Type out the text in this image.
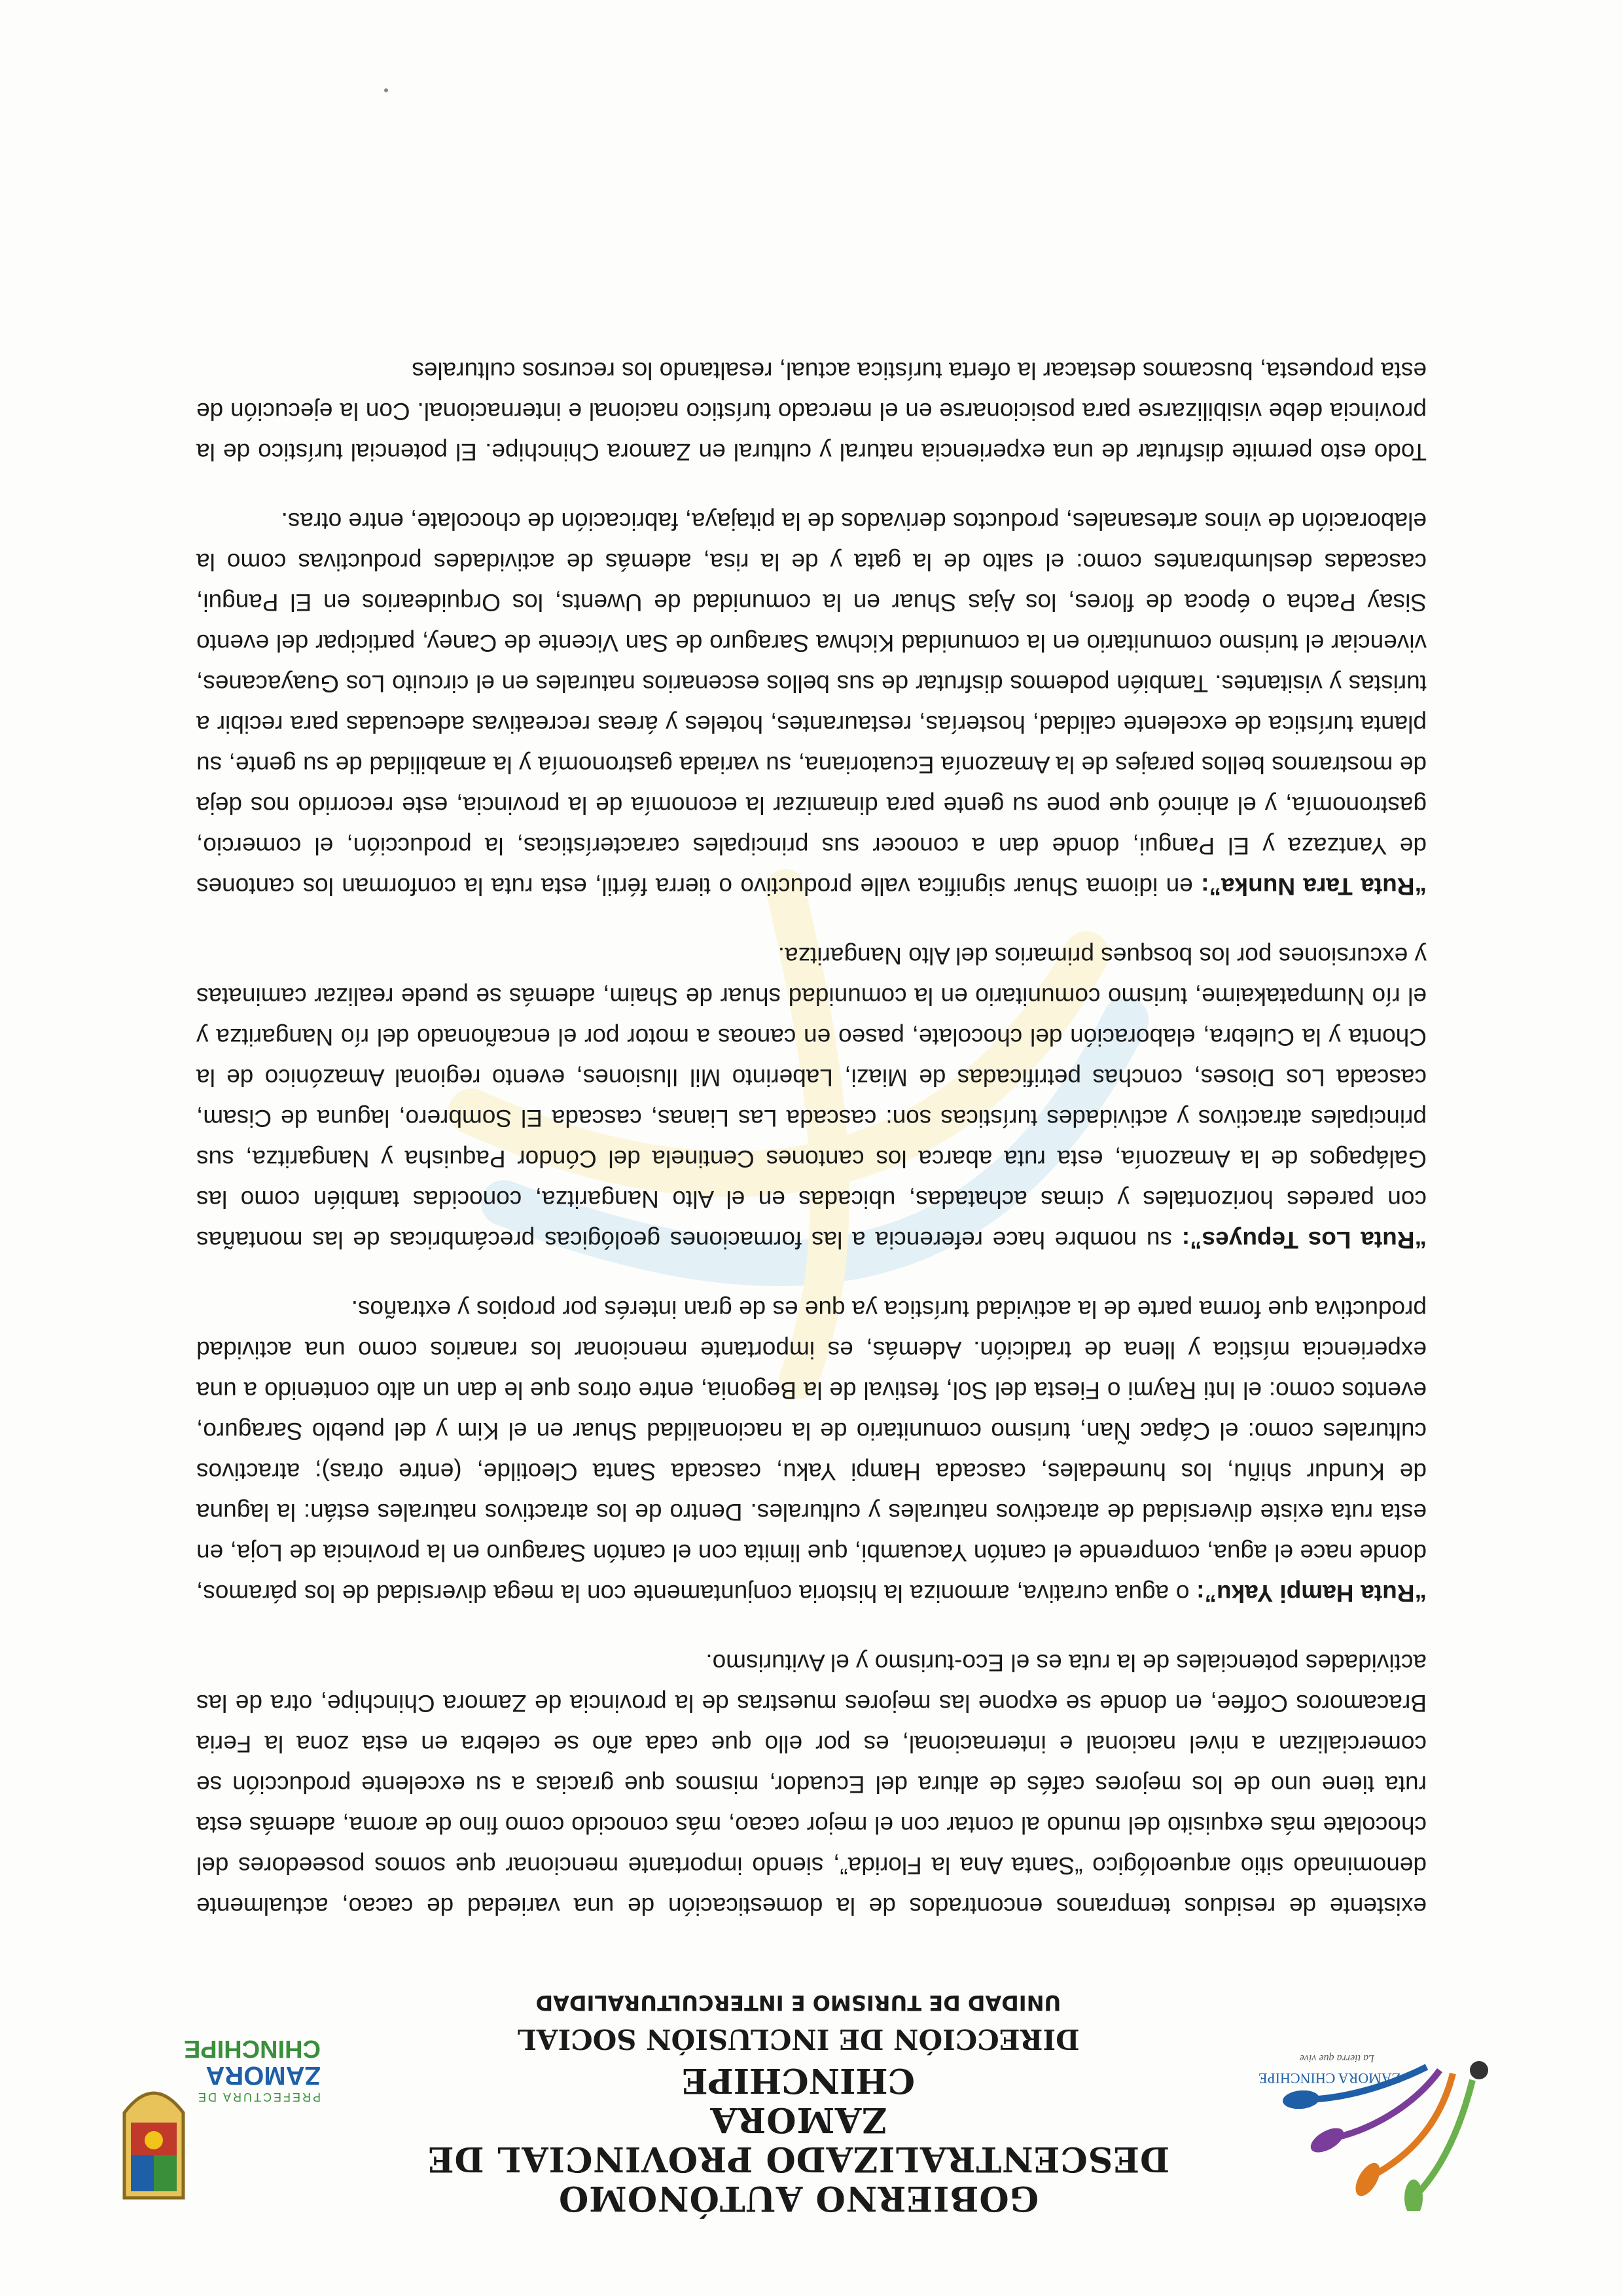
ZAMORA CHINCHIPE
La tierra que vive
GOBIERNO AUTÓNOMO DESCENTRALIZADO PROVINCIAL DE ZAMORA
CHINCHIPE
DIRECCIÓN DE INCLUSIÓN SOCIAL
UNIDAD DE TURISMO E INTERCULTURALIDAD
PREFECTURA DE
ZAMORA
CHINCHIPE

existente de residuos tempranos encontrados de la domesticación de una variedad de cacao, actualmente denominado sitio arqueológico “Santa Ana la Florida”, siendo importante mencionar que somos poseedores del chocolate más exquisito del mundo al contar con el mejor cacao, más conocido como fino de aroma, además esta ruta tiene uno de los mejores cafés de altura del Ecuador, mismos que gracias a su excelente producción se comercializan a nivel nacional e internacional, es por ello que cada año se celebra en esta zona la Feria Bracamoros Coffee, en donde se expone las mejores muestras de la provincia de Zamora Chinchipe, otra de las actividades potenciales de la ruta es el Eco-turismo y el Aviturismo.

“Ruta Hampi Yaku”: o agua curativa, armoniza la historia conjuntamente con la mega diversidad de los páramos, donde nace el agua, comprende el cantón Yacuambi, que limita con el cantón Saraguro en la provincia de Loja, en esta ruta existe diversidad de atractivos naturales y culturales. Dentro de los atractivos naturales están: la laguna de Kundur shiñu, los humedales, cascada Hampi Yaku, cascada Santa Cleotilde, (entre otras); atractivos culturales como: el Cápac Ñan, turismo comunitario de la nacionalidad Shuar en el Kim y del pueblo Saraguro, eventos como: el Inti Raymi o Fiesta del Sol, festival de la Begonia, entre otros que le dan un alto contenido a una experiencia mística y llena de tradición. Además, es importante mencionar los ranarios como una actividad productiva que forma parte de la actividad turística ya que es de gran interés por propios y extraños.

“Ruta Los Tepuyes”: su nombre hace referencia a las formaciones geológicas precámbricas de las montañas con paredes horizontales y cimas achatadas, ubicadas en el Alto Nangaritza, conocidas también como las Galápagos de la Amazonía, esta ruta abarca los cantones Centinela del Cóndor Paquisha y Nangaritza, sus principales atractivos y actividades turísticas son: cascada Las Lianas, cascada El Sombrero, laguna de Cisam, cascada Los Dioses, conchas petrificadas de Miazi, Laberinto Mil Ilusiones, evento regional Amazónico de la Chonta y la Culebra, elaboración del chocolate, paseo en canoas a motor por el encañonado del río Nangaritza y el río Numpatakaime, turismo comunitario en la comunidad shuar de Shaim, además se puede realizar caminatas y excursiones por los bosques primarios del Alto Nangaritza.

“Ruta Tara Nunka”: en idioma Shuar significa valle productivo o tierra fértil, esta ruta la conforman los cantones de Yantzaza y El Pangui, donde dan a conocer sus principales características, la producción, el comercio, gastronomía, y el ahincó que pone su gente para dinamizar la economía de la provincia, este recorrido nos deja de mostrarnos bellos parajes de la Amazonía Ecuatoriana, su variada gastronomía y la amabilidad de su gente, su planta turística de excelente calidad, hosterías, restaurantes, hoteles y áreas recreativas adecuadas para recibir a turistas y visitantes. También podemos disfrutar de sus bellos escenarios naturales en el circuito Los Guayacanes, vivenciar el turismo comunitario en la comunidad Kichwa Saraguro de San Vicente de Caney, participar del evento Sisay Pacha o época de flores, los Ajas Shuar en la comunidad de Uwents, los Orquidearios en El Pangui, cascadas deslumbrantes como: el salto de la gata y de la risa, además de actividades productivas como la elaboración de vinos artesanales, productos derivados de la pitajaya, fabricación de chocolate, entre otras.

Todo esto permite disfrutar de una experiencia natural y cultural en Zamora Chinchipe. El potencial turístico de la provincia debe visibilizarse para posicionarse en el mercado turístico nacional e internacional. Con la ejecución de esta propuesta, buscamos destacar la oferta turística actual, resaltando los recursos culturales
